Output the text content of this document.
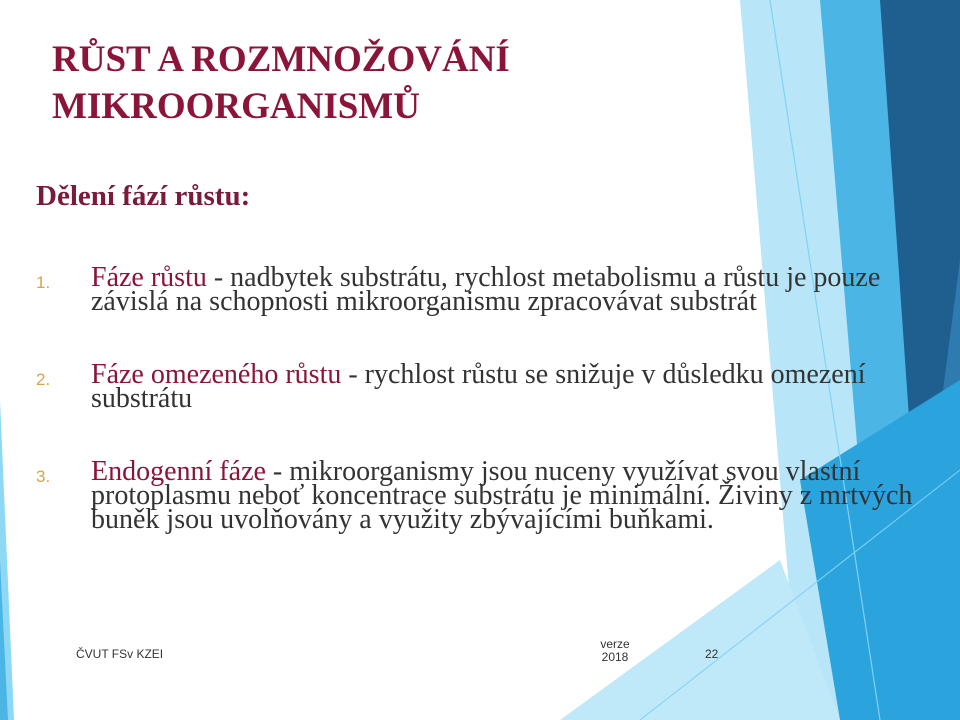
RŮST A ROZMNOŽOVÁNÍ
MIKROORGANISMŮ
Dělení fází růstu:
1. Fáze růstu - nadbytek substrátu, rychlost metabolismu a růstu je pouze závislá na schopnosti mikroorganismu zpracovávat substrát
2. Fáze omezeného růstu - rychlost růstu se snižuje v důsledku omezení substrátu
3. Endogenní fáze - mikroorganismy jsou nuceny využívat svou vlastní protoplasmu neboť koncentrace substrátu je minimální. Živiny z mrtvých buněk jsou uvolňovány a využity zbývajícími buňkami.
ČVUT FSv KZEI
verze
2018	22
